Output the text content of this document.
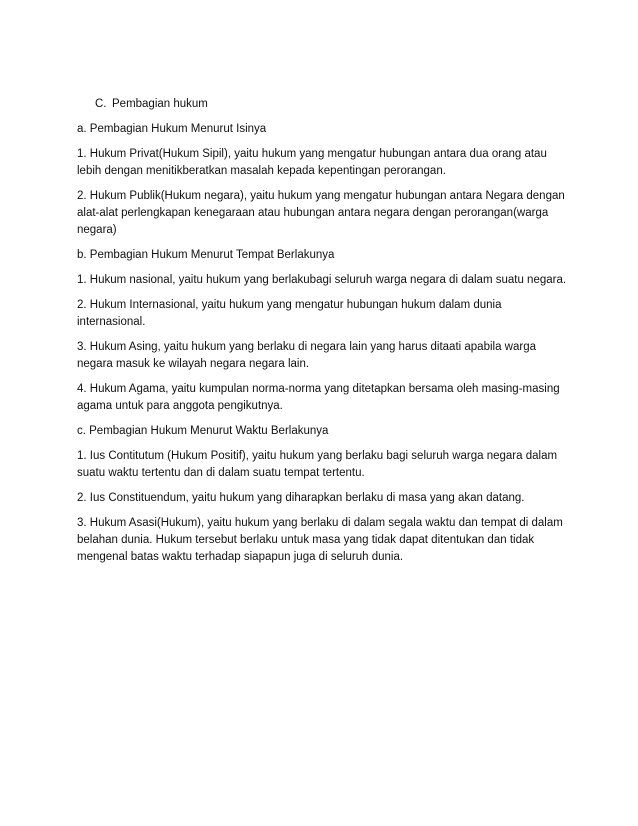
C. Pembagian hukum

a. Pembagian Hukum Menurut Isinya

1. Hukum Privat(Hukum Sipil), yaitu hukum yang mengatur hubungan antara dua orang atau lebih dengan menitikberatkan masalah kepada kepentingan perorangan.

2. Hukum Publik(Hukum negara), yaitu hukum yang mengatur hubungan antara Negara dengan alat-alat perlengkapan kenegaraan atau hubungan antara negara dengan perorangan(warga negara)

b. Pembagian Hukum Menurut Tempat Berlakunya

1. Hukum nasional, yaitu hukum yang berlakubagi seluruh warga negara di dalam suatu negara.

2. Hukum Internasional, yaitu hukum yang mengatur hubungan hukum dalam dunia internasional.

3. Hukum Asing, yaitu hukum yang berlaku di negara lain yang harus ditaati apabila warga negara masuk ke wilayah negara negara lain.

4. Hukum Agama, yaitu kumpulan norma-norma yang ditetapkan bersama oleh masing-masing agama untuk para anggota pengikutnya.

c. Pembagian Hukum Menurut Waktu Berlakunya

1. Ius Contitutum (Hukum Positif), yaitu hukum yang berlaku bagi seluruh warga negara dalam suatu waktu tertentu dan di dalam suatu tempat tertentu.

2. Ius Constituendum, yaitu hukum yang diharapkan berlaku di masa yang akan datang.

3. Hukum Asasi(Hukum), yaitu hukum yang berlaku di dalam segala waktu dan tempat di dalam belahan dunia. Hukum tersebut berlaku untuk masa yang tidak dapat ditentukan dan tidak mengenal batas waktu terhadap siapapun juga di seluruh dunia.
